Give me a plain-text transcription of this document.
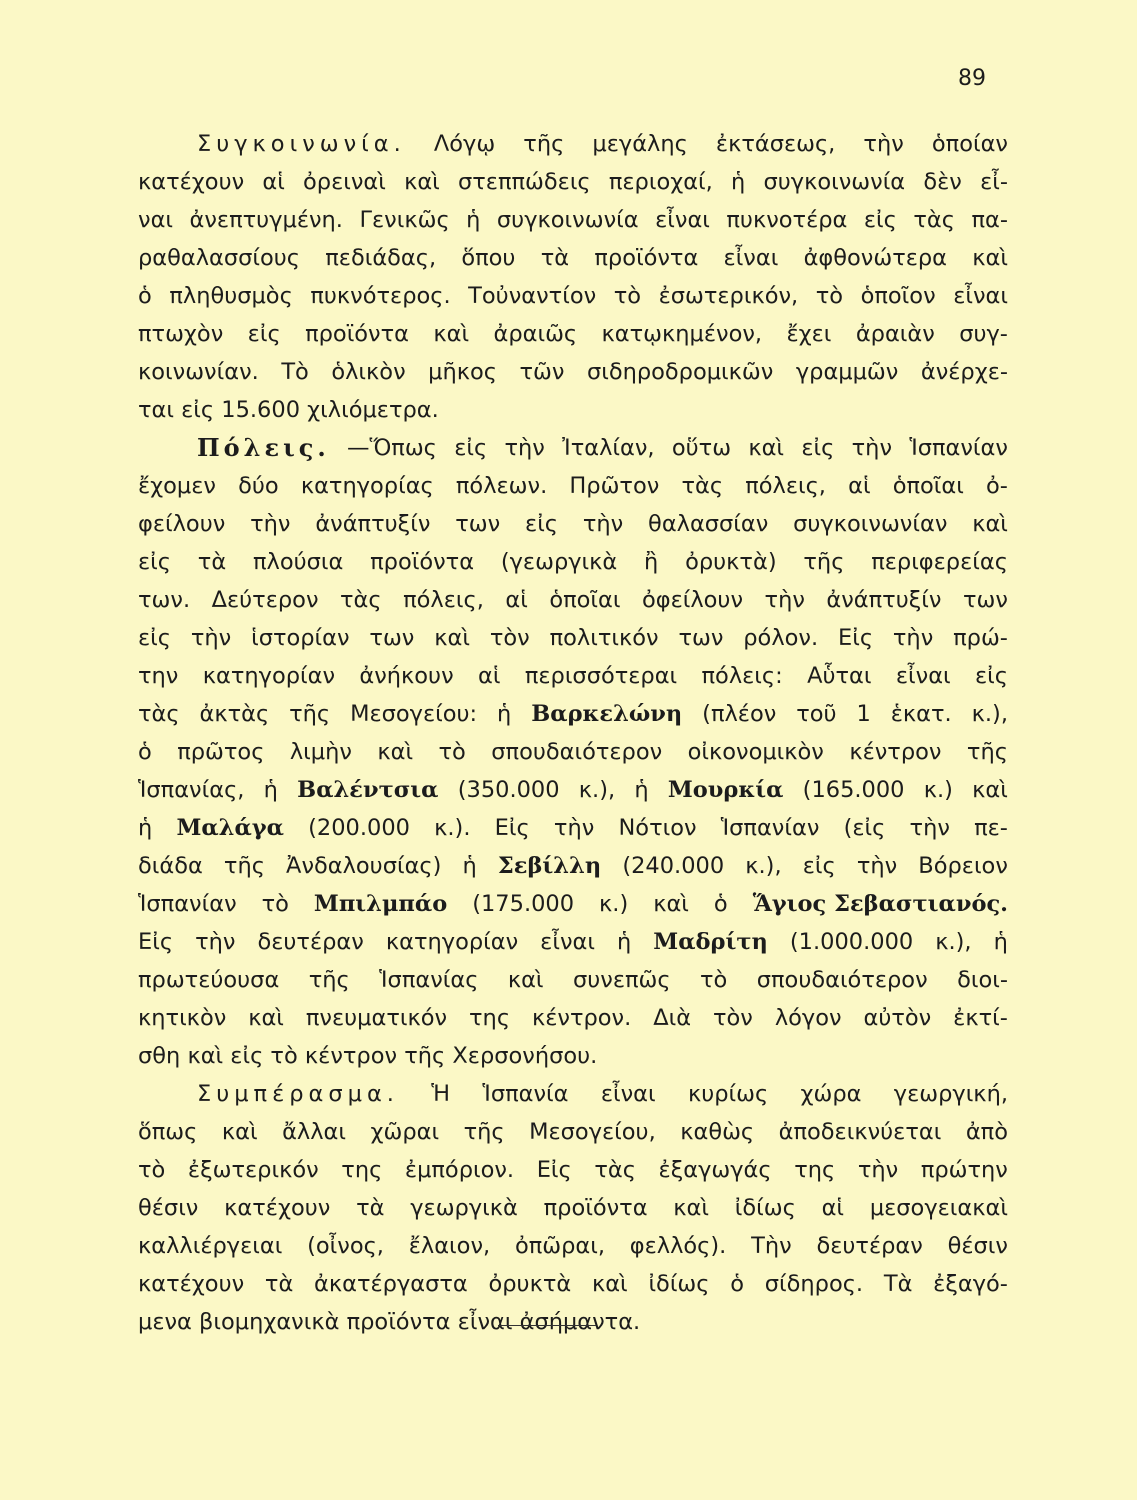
89
Συγκοινωνία. Λόγῳ τῆς μεγάλης ἐκτάσεως, τὴν ὁποίαν
κατέχουν αἱ ὀρειναὶ καὶ στεππώδεις περιοχαί, ἡ συγκοινωνία δὲν εἶ-
ναι ἀνεπτυγμένη. Γενικῶς ἡ συγκοινωνία εἶναι πυκνοτέρα εἰς τὰς πα-
ραθαλασσίους πεδιάδας, ὅπου τὰ προϊόντα εἶναι ἀφθονώτερα καὶ
ὁ πληθυσμὸς πυκνότερος. Τοὐναντίον τὸ ἐσωτερικόν, τὸ ὁποῖον εἶναι
πτωχὸν εἰς προϊόντα καὶ ἀραιῶς κατῳκημένον, ἔχει ἀραιὰν συγ-
κοινωνίαν. Τὸ ὁλικὸν μῆκος τῶν σιδηροδρομικῶν γραμμῶν ἀνέρχε-
ται εἰς 15.600 χιλιόμετρα.
Πόλεις. —Ὅπως εἰς τὴν Ἰταλίαν, οὕτω καὶ εἰς τὴν Ἱσπανίαν
ἔχομεν δύο κατηγορίας πόλεων. Πρῶτον τὰς πόλεις, αἱ ὁποῖαι ὀ-
φείλουν τὴν ἀνάπτυξίν των εἰς τὴν θαλασσίαν συγκοινωνίαν καὶ
εἰς τὰ πλούσια προϊόντα (γεωργικὰ ἢ ὀρυκτὰ) τῆς περιφερείας
των. Δεύτερον τὰς πόλεις, αἱ ὁποῖαι ὀφείλουν τὴν ἀνάπτυξίν των
εἰς τὴν ἱστορίαν των καὶ τὸν πολιτικόν των ρόλον. Εἰς τὴν πρώ-
την κατηγορίαν ἀνήκουν αἱ περισσότεραι πόλεις: Αὗται εἶναι εἰς
τὰς ἀκτὰς τῆς Μεσογείου: ἡ Βαρκελώνη (πλέον τοῦ 1 ἑκατ. κ.),
ὁ πρῶτος λιμὴν καὶ τὸ σπουδαιότερον οἰκονομικὸν κέντρον τῆς
Ἱσπανίας, ἡ Βαλέντσια (350.000 κ.), ἡ Μουρκία (165.000 κ.) καὶ
ἡ Μαλάγα (200.000 κ.). Εἰς τὴν Νότιον Ἱσπανίαν (εἰς τὴν πε-
διάδα τῆς Ἀνδαλουσίας) ἡ Σεβίλλη (240.000 κ.), εἰς τὴν Βόρειον
Ἱσπανίαν τὸ Μπιλμπάο (175.000 κ.) καὶ ὁ Ἅγιος Σεβαστιανός.
Εἰς τὴν δευτέραν κατηγορίαν εἶναι ἡ Μαδρίτη (1.000.000 κ.), ἡ
πρωτεύουσα τῆς Ἱσπανίας καὶ συνεπῶς τὸ σπουδαιότερον διοι-
κητικὸν καὶ πνευματικόν της κέντρον. Διὰ τὸν λόγον αὐτὸν ἐκτί-
σθη καὶ εἰς τὸ κέντρον τῆς Χερσονήσου.
Συμπέρασμα. Ἡ Ἱσπανία εἶναι κυρίως χώρα γεωργική,
ὅπως καὶ ἄλλαι χῶραι τῆς Μεσογείου, καθὼς ἀποδεικνύεται ἀπὸ
τὸ ἐξωτερικόν της ἐμπόριον. Εἰς τὰς ἐξαγωγάς της τὴν πρώτην
θέσιν κατέχουν τὰ γεωργικὰ προϊόντα καὶ ἰδίως αἱ μεσογειακαὶ
καλλιέργειαι (οἶνος, ἔλαιον, ὀπῶραι, φελλός). Τὴν δευτέραν θέσιν
κατέχουν τὰ ἀκατέργαστα ὀρυκτὰ καὶ ἰδίως ὁ σίδηρος. Τὰ ἐξαγό-
μενα βιομηχανικὰ προϊόντα εἶναι ἀσήμαντα.
